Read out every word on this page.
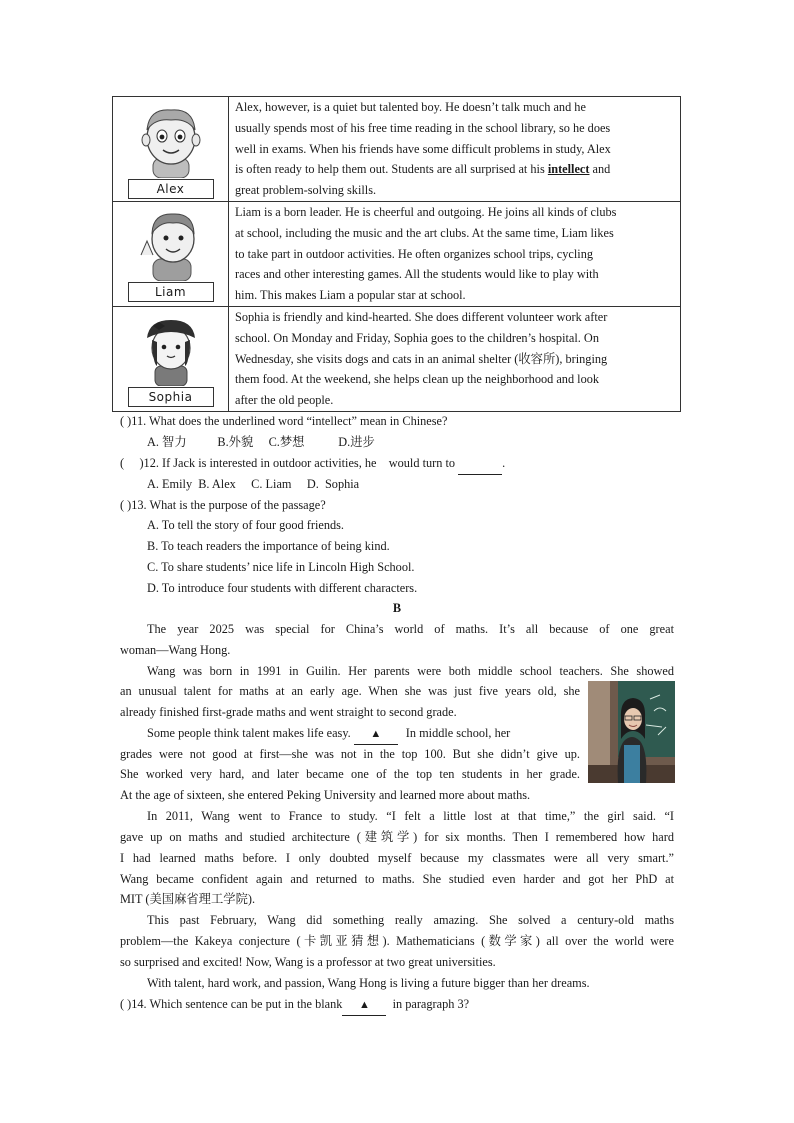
Alex	Alex, however, is a quiet but talented boy. He doesn’t talk much and he
usually spends most of his free time reading in the school library, so he does
well in exams. When his friends have some difficult problems in study, Alex
is often ready to help them out. Students are all surprised at his intellect and
great problem-solving skills.

Liam	Liam is a born leader. He is cheerful and outgoing. He joins all kinds of clubs
at school, including the music and the art clubs. At the same time, Liam likes
to take part in outdoor activities. He often organizes school trips, cycling
races and other interesting games. All the students would like to play with
him. This makes Liam a popular star at school.

Sophia	Sophia is friendly and kind-hearted. She does different volunteer work after
school. On Monday and Friday, Sophia goes to the children’s hospital. On
Wednesday, she visits dogs and cats in an animal shelter (收容所), bringing
them food. At the weekend, she helps clean up the neighborhood and look
after the old people.
( )11. What does the underlined word “intellect” mean in Chinese?
A. 智力          B.外貌     C.梦想           D.进步
(     )12. If Jack is interested in outdoor activities, he    would turn to	.
A. Emily  B. Alex     C. Liam     D.  Sophia
( )13. What is the purpose of the passage?
A. To tell the story of four good friends.
B. To teach readers the importance of being kind.
C. To share students’ nice life in Lincoln High School.
D. To introduce four students with different characters.
B
The year 2025 was special for China’s world of maths. It’s all because of one great
woman—Wang Hong.
Wang was born in 1991 in Guilin. Her parents were both middle school teachers. She showed
an unusual talent for maths at an early age. When she was just five years old, she
already finished first-grade maths and went straight to second grade.
Some people think talent makes life easy. ▲ In middle school, her
grades were not good at first—she was not in the top 100. But she didn’t give up.
She worked very hard, and later became one of the top ten students in her grade.
At the age of sixteen, she entered Peking University and learned more about maths.
In 2011, Wang went to France to study. “I felt a little lost at that time,” the girl said. “I
gave up on maths and studied architecture (建筑学) for six months. Then I remembered how hard
I had learned maths before. I only doubted myself because my classmates were all very smart.”
Wang became confident again and returned to maths. She studied even harder and got her PhD at
MIT (美国麻省理工学院).
This past February, Wang did something really amazing. She solved a century-old maths
problem—the Kakeya conjecture (卡凯亚猜想). Mathematicians (数学家) all over the world were
so surprised and excited! Now, Wang is a professor at two great universities.
With talent, hard work, and passion, Wang Hong is living a future bigger than her dreams.
( )14. Which sentence can be put in the blank ▲  in paragraph 3?
